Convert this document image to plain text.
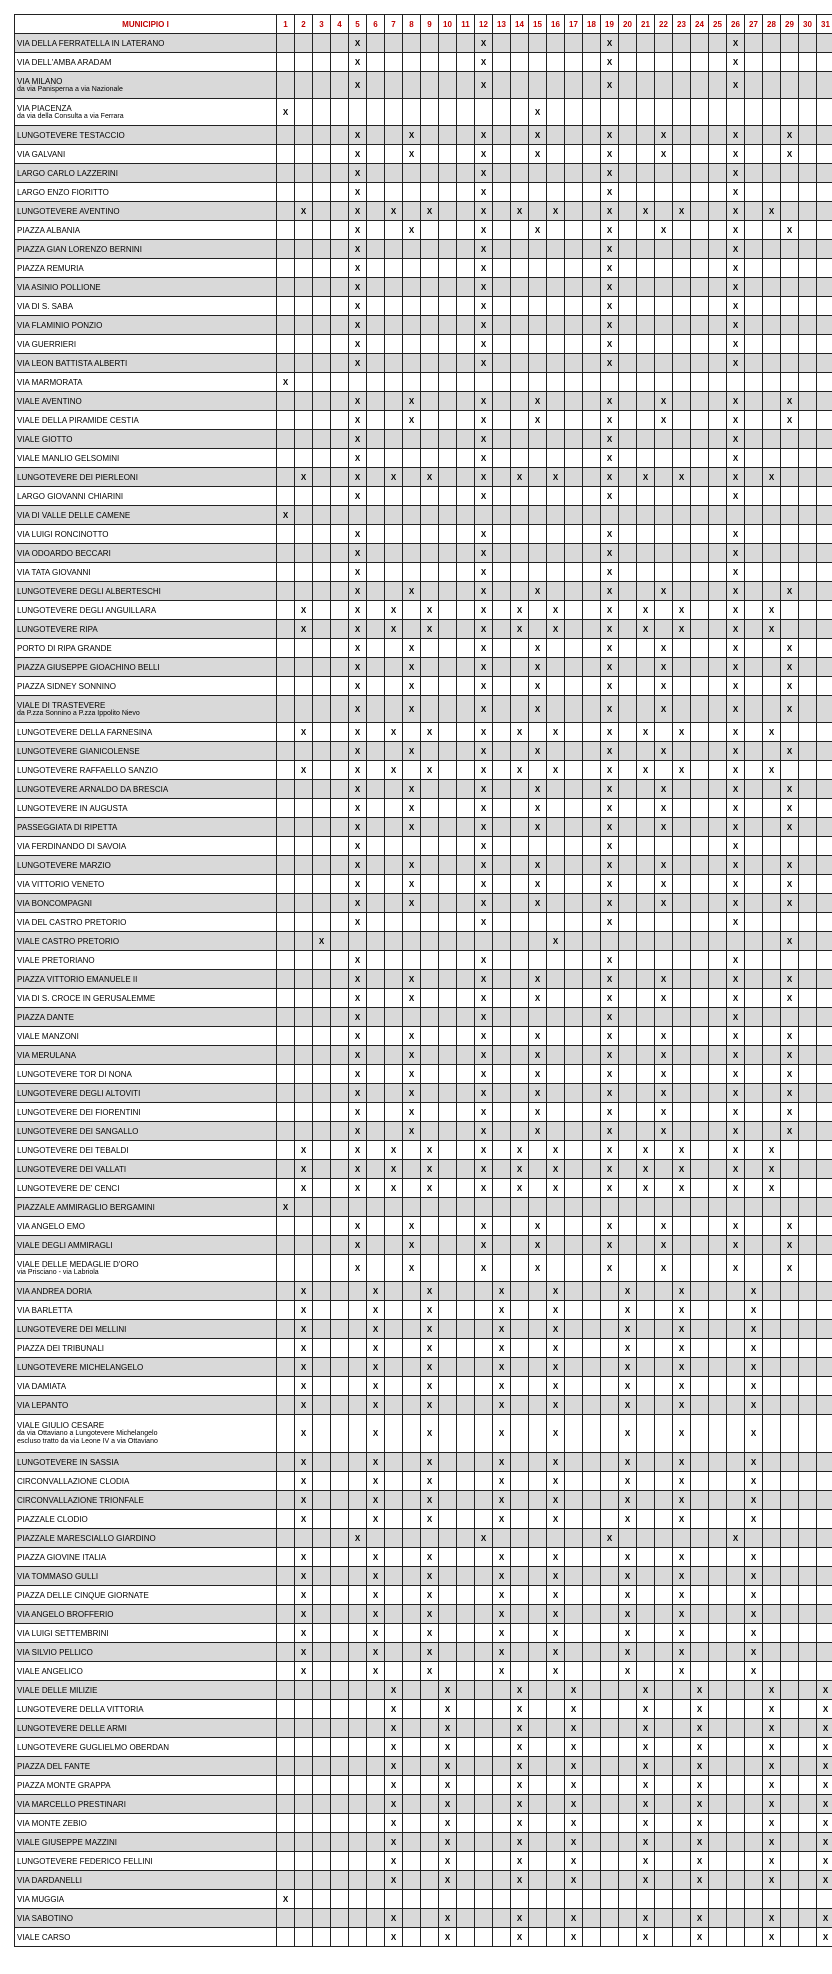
MUNICIPIO I	1	2	3	4	5	6	7	8	9	10	11	12	13	14	15	16	17	18	19	20	21	22	23	24	25	26	27	28	29	30	31

VIA DELLA FERRATELLA IN LATERANO					X							X							X							X					

VIA DELL'AMBA ARADAM					X							X							X							X					

VIA MILANO
da via Panisperna a via Nazionale					X							X							X							X					

VIA PIACENZA
da via della Consulta a via Ferrara	X														X																

LUNGOTEVERE TESTACCIO					X			X				X			X				X			X				X			X		

VIA GALVANI					X			X				X			X				X			X				X			X		

LARGO CARLO LAZZERINI					X							X							X							X					

LARGO ENZO FIORITTO					X							X							X							X					

LUNGOTEVERE AVENTINO		X			X		X		X			X		X		X			X		X		X			X		X			

PIAZZA ALBANIA					X			X				X			X				X			X				X			X		

PIAZZA GIAN LORENZO BERNINI					X							X							X							X					

PIAZZA REMURIA					X							X							X							X					

VIA ASINIO POLLIONE					X							X							X							X					

VIA DI S. SABA					X							X							X							X					

VIA FLAMINIO PONZIO					X							X							X							X					

VIA GUERRIERI					X							X							X							X					

VIA LEON BATTISTA ALBERTI					X							X							X							X					

VIA MARMORATA	X																														

VIALE AVENTINO					X			X				X			X				X			X				X			X		

VIALE DELLA PIRAMIDE CESTIA					X			X				X			X				X			X				X			X		

VIALE GIOTTO					X							X							X							X					

VIALE MANLIO GELSOMINI					X							X							X							X					

LUNGOTEVERE DEI PIERLEONI		X			X		X		X			X		X		X			X		X		X			X		X			

LARGO GIOVANNI CHIARINI					X							X							X							X					

VIA DI VALLE DELLE CAMENE	X																														

VIA LUIGI RONCINOTTO					X							X							X							X					

VIA ODOARDO BECCARI					X							X							X							X					

VIA TATA GIOVANNI					X							X							X							X					

LUNGOTEVERE DEGLI ALBERTESCHI					X			X				X			X				X			X				X			X		

LUNGOTEVERE DEGLI ANGUILLARA		X			X		X		X			X		X		X			X		X		X			X		X			

LUNGOTEVERE RIPA		X			X		X		X			X		X		X			X		X		X			X		X			

PORTO DI RIPA GRANDE					X			X				X			X				X			X				X			X		

PIAZZA GIUSEPPE GIOACHINO BELLI					X			X				X			X				X			X				X			X		

PIAZZA SIDNEY SONNINO					X			X				X			X				X			X				X			X		

VIALE DI TRASTEVERE
da P.zza Sonnino a P.zza Ippolito Nievo					X			X				X			X				X			X				X			X		

LUNGOTEVERE DELLA FARNESINA		X			X		X		X			X		X		X			X		X		X			X		X			

LUNGOTEVERE GIANICOLENSE					X			X				X			X				X			X				X			X		

LUNGOTEVERE RAFFAELLO SANZIO		X			X		X		X			X		X		X			X		X		X			X		X			

LUNGOTEVERE ARNALDO DA BRESCIA					X			X				X			X				X			X				X			X		

LUNGOTEVERE IN AUGUSTA					X			X				X			X				X			X				X			X		

PASSEGGIATA DI RIPETTA					X			X				X			X				X			X				X			X		

VIA FERDINANDO DI SAVOIA					X							X							X							X					

LUNGOTEVERE MARZIO					X			X				X			X				X			X				X			X		

VIA VITTORIO VENETO					X			X				X			X				X			X				X			X		

VIA BONCOMPAGNI					X			X				X			X				X			X				X			X		

VIA DEL CASTRO PRETORIO					X							X							X							X					

VIALE CASTRO PRETORIO			X													X													X		

VIALE PRETORIANO					X							X							X							X					

PIAZZA VITTORIO EMANUELE II					X			X				X			X				X			X				X			X		

VIA DI S. CROCE IN GERUSALEMME					X			X				X			X				X			X				X			X		

PIAZZA DANTE					X							X							X							X					

VIALE MANZONI					X			X				X			X				X			X				X			X		

VIA MERULANA					X			X				X			X				X			X				X			X		

LUNGOTEVERE TOR DI NONA					X			X				X			X				X			X				X			X		

LUNGOTEVERE DEGLI ALTOVITI					X			X				X			X				X			X				X			X		

LUNGOTEVERE DEI FIORENTINI					X			X				X			X				X			X				X			X		

LUNGOTEVERE DEI SANGALLO					X			X				X			X				X			X				X			X		

LUNGOTEVERE DEI TEBALDI		X			X		X		X			X		X		X			X		X		X			X		X			

LUNGOTEVERE DEI VALLATI		X			X		X		X			X		X		X			X		X		X			X		X			

LUNGOTEVERE DE' CENCI		X			X		X		X			X		X		X			X		X		X			X		X			

PIAZZALE AMMIRAGLIO BERGAMINI	X																														

VIA ANGELO EMO					X			X				X			X				X			X				X			X		

VIALE DEGLI AMMIRAGLI					X			X				X			X				X			X				X			X		

VIALE DELLE MEDAGLIE D'ORO
via Prisciano - via Labriola					X			X				X			X				X			X				X			X		

VIA ANDREA DORIA		X				X			X				X			X				X			X				X				

VIA BARLETTA		X				X			X				X			X				X			X				X				

LUNGOTEVERE DEI MELLINI		X				X			X				X			X				X			X				X				

PIAZZA DEI TRIBUNALI		X				X			X				X			X				X			X				X				

LUNGOTEVERE MICHELANGELO		X				X			X				X			X				X			X				X				

VIA DAMIATA		X				X			X				X			X				X			X				X				

VIA LEPANTO		X				X			X				X			X				X			X				X				

VIALE GIULIO CESARE
da via Ottaviano a Lungotevere Michelangelo
escluso tratto da via Leone IV a via Ottaviano		X				X			X				X			X				X			X				X				

LUNGOTEVERE IN SASSIA		X				X			X				X			X				X			X				X				

CIRCONVALLAZIONE CLODIA		X				X			X				X			X				X			X				X				

CIRCONVALLAZIONE TRIONFALE		X				X			X				X			X				X			X				X				

PIAZZALE CLODIO		X				X			X				X			X				X			X				X				

PIAZZALE MARESCIALLO GIARDINO					X							X							X							X					

PIAZZA GIOVINE ITALIA		X				X			X				X			X				X			X				X				

VIA TOMMASO GULLI		X				X			X				X			X				X			X				X				

PIAZZA DELLE CINQUE GIORNATE		X				X			X				X			X				X			X				X				

VIA ANGELO BROFFERIO		X				X			X				X			X				X			X				X				

VIA LUIGI SETTEMBRINI		X				X			X				X			X				X			X				X				

VIA SILVIO PELLICO		X				X			X				X			X				X			X				X				

VIALE ANGELICO		X				X			X				X			X				X			X				X				

VIALE DELLE MILIZIE							X			X				X			X				X			X				X			X

LUNGOTEVERE DELLA VITTORIA							X			X				X			X				X			X				X			X

LUNGOTEVERE DELLE ARMI							X			X				X			X				X			X				X			X

LUNGOTEVERE GUGLIELMO OBERDAN							X			X				X			X				X			X				X			X

PIAZZA DEL FANTE							X			X				X			X				X			X				X			X

PIAZZA MONTE GRAPPA							X			X				X			X				X			X				X			X

VIA MARCELLO PRESTINARI							X			X				X			X				X			X				X			X

VIA MONTE ZEBIO							X			X				X			X				X			X				X			X

VIALE GIUSEPPE MAZZINI							X			X				X			X				X			X				X			X

LUNGOTEVERE FEDERICO FELLINI							X			X				X			X				X			X				X			X

VIA DARDANELLI							X			X				X			X				X			X				X			X

VIA MUGGIA	X																														

VIA SABOTINO							X			X				X			X				X			X				X			X

VIALE CARSO							X			X				X			X				X			X				X			X
